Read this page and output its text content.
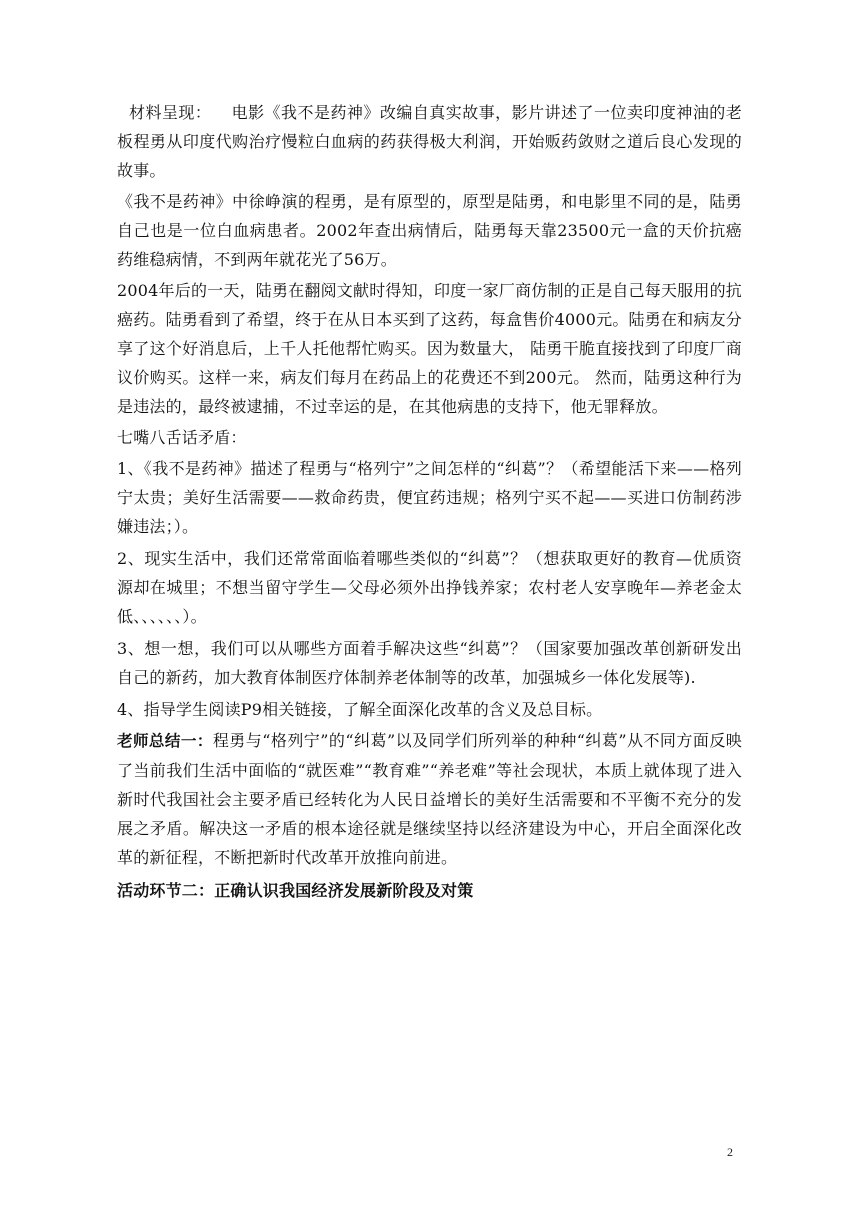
材料呈现： 电影《我不是药神》改编自真实故事，影片讲述了一位卖印度神油的老板程勇从印度代购治疗慢粒白血病的药获得极大利润，开始贩药敛财之道后良心发现的故事。

《我不是药神》中徐峥演的程勇，是有原型的，原型是陆勇，和电影里不同的是，陆勇自己也是一位白血病患者。2002年查出病情后，陆勇每天靠23500元一盒的天价抗癌药维稳病情，不到两年就花光了56万。

2004年后的一天，陆勇在翻阅文献时得知，印度一家厂商仿制的正是自己每天服用的抗癌药。陆勇看到了希望，终于在从日本买到了这药，每盒售价4000元。陆勇在和病友分享了这个好消息后，上千人托他帮忙购买。因为数量大， 陆勇干脆直接找到了印度厂商议价购买。这样一来，病友们每月在药品上的花费还不到200元。 然而，陆勇这种行为是违法的，最终被逮捕，不过幸运的是，在其他病患的支持下，他无罪释放。

七嘴八舌话矛盾：

1、《我不是药神》描述了程勇与“格列宁”之间怎样的“纠葛”？（希望能活下来——格列宁太贵；美好生活需要——救命药贵，便宜药违规；格列宁买不起——买进口仿制药涉嫌违法；）。

2、现实生活中，我们还常常面临着哪些类似的“纠葛”？（想获取更好的教育—优质资源却在城里；不想当留守学生—父母必须外出挣钱养家；农村老人安享晚年—养老金太低、、、、、、）。

3、想一想，我们可以从哪些方面着手解决这些“纠葛”？（国家要加强改革创新研发出自己的新药，加大教育体制医疗体制养老体制等的改革，加强城乡一体化发展等).

4、指导学生阅读P9相关链接，了解全面深化改革的含义及总目标。

老师总结一：程勇与“格列宁”的“纠葛”以及同学们所列举的种种“纠葛”从不同方面反映了当前我们生活中面临的“就医难”“教育难”“养老难”等社会现状，本质上就体现了进入新时代我国社会主要矛盾已经转化为人民日益增长的美好生活需要和不平衡不充分的发展之矛盾。解决这一矛盾的根本途径就是继续坚持以经济建设为中心，开启全面深化改革的新征程，不断把新时代改革开放推向前进。

活动环节二：正确认识我国经济发展新阶段及对策

2
